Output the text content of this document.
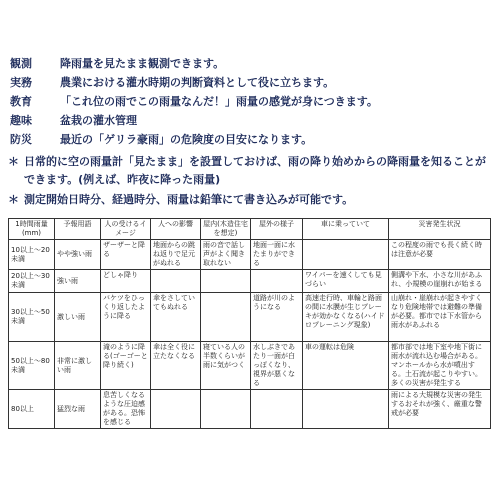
観測	降雨量を見たまま観測できます。
実務	農業における灌水時期の判断資料として役に立ちます。
教育	「これ位の雨でこの雨量なんだ！」雨量の感覚が身につきます。
趣味	盆栽の灌水管理
防災	最近の「ゲリラ豪雨」の危険度の目安になります。
＊ 日常的に空の雨量計「見たまま」を設置しておけば、雨の降り始めからの降雨量を知ることができます。(例えば、昨夜に降った雨量)
＊ 測定開始日時分、経過時分、雨量は鉛筆にて書き込みが可能です。
1時間雨量(mm)	予報用語	人の受けるイメージ	人への影響	屋内(木造住宅を想定)	屋外の様子	車に乗っていて	災害発生状況
10以上～20未満	やや強い雨	ザーザーと降る	地面からの跳ね返りで足元がぬれる	雨の音で話し声がよく聞き取れない	地面一面に水たまりができる		この程度の雨でも長く続く時は注意が必要
20以上～30未満	強い雨	どしゃ降り				ワイパーを速くしても見づらい	側溝や下水、小さな川があふれ、小規模の崖崩れが始まる
30以上～50未満	激しい雨	バケツをひっくり返したように降る	傘をさしていてもぬれる		道路が川のようになる	高速走行時、車輪と路面の間に水膜が生じブレーキが効かなくなる(ハイドロプレーニング現象)	山崩れ・崖崩れが起きやすくなり危険地帯では避難の準備が必要。都市では下水管から雨水があふれる
50以上～80未満	非常に激しい雨	滝のように降る(ゴーゴーと降り続く)	傘は全く役に立たなくなる	寝ている人の半数くらいが雨に気がつく	水しぶきであたり一面が白っぽくなり、視界が悪くなる	車の運転は危険	都市部では地下室や地下街に雨水が流れ込む場合がある。マンホールから水が噴出する。土石流が起こりやすい。多くの災害が発生する
80以上	猛烈な雨	息苦しくなるような圧迫感がある。恐怖を感じる					雨による大規模な災害の発生するおそれが強く、厳重な警戒が必要
